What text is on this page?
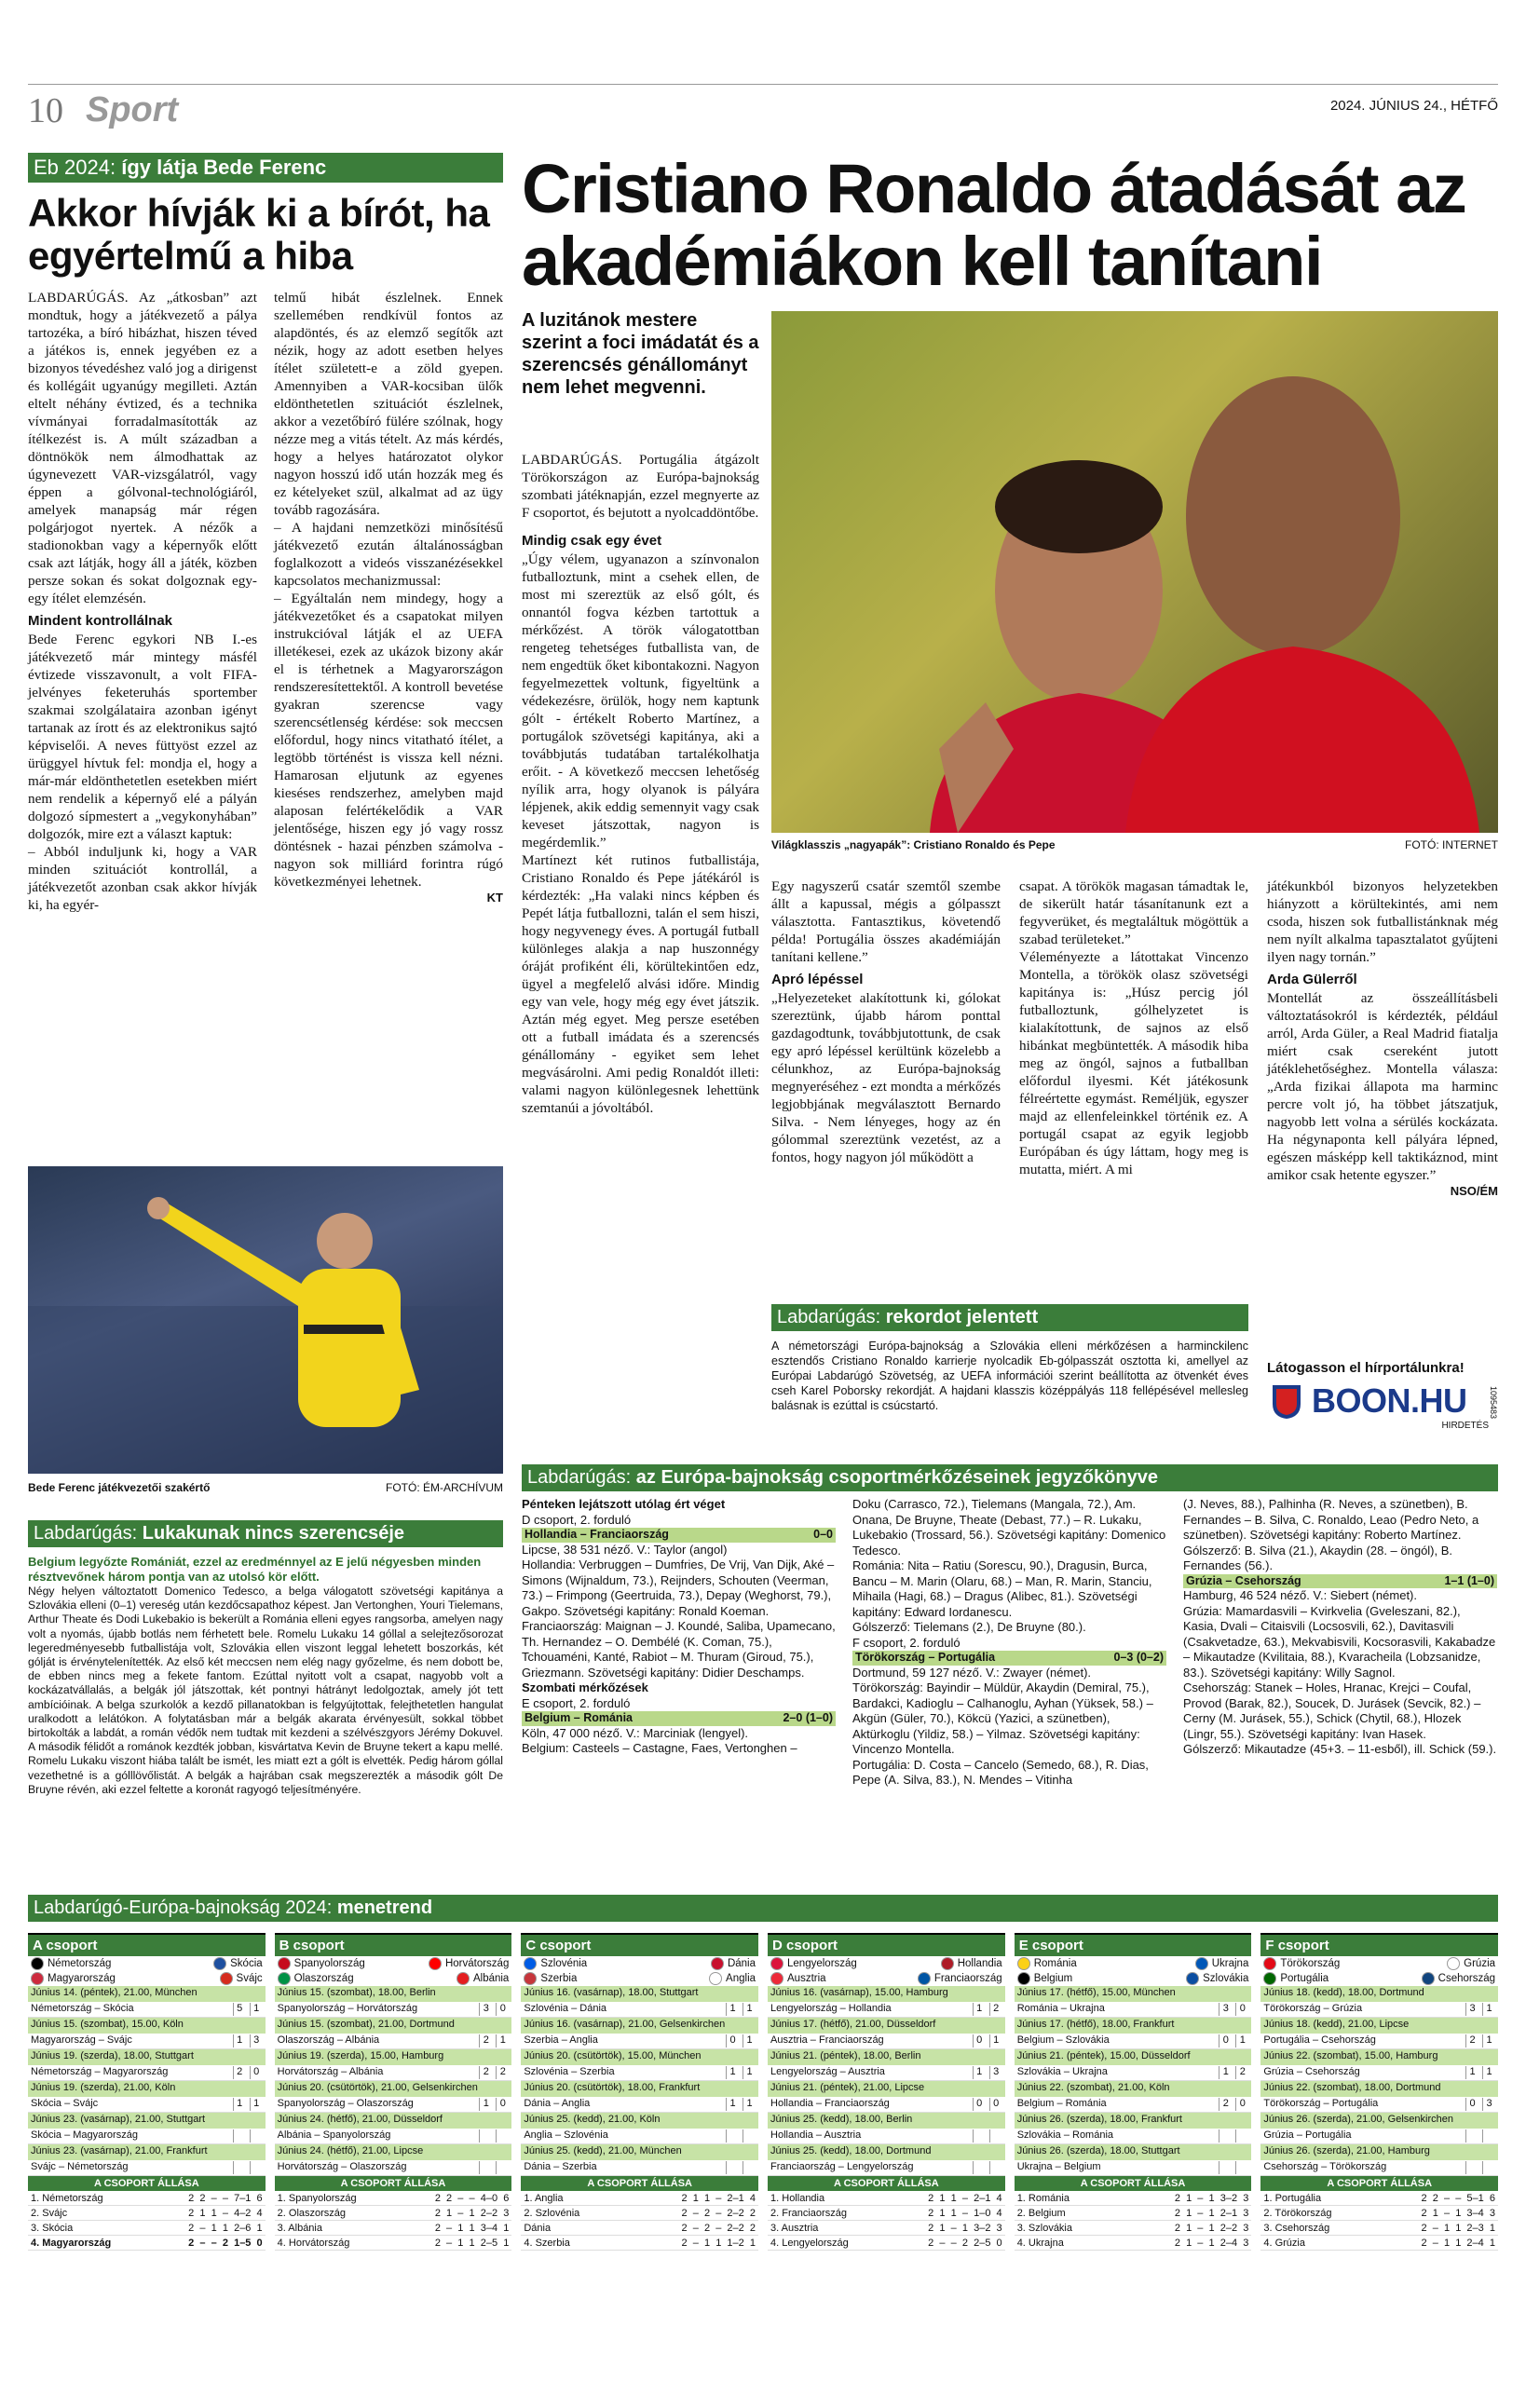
10 Sport	2024. JÚNIUS 24., HÉTFŐ
Eb 2024: így látja Bede Ferenc
Akkor hívják ki a bírót, ha egyértelmű a hiba

LABDARÚGÁS. Az „átkosban” azt mondtuk, hogy a játékvezető a pálya tartozéka, a bíró hibázhat, hiszen téved a játékos is, ennek jegyében ez a bizonyos tévedéshez való jog a dirigenst és kollégáit ugyanúgy megilleti. Aztán eltelt néhány évtized, és a technika vívmányai forradalmasították az ítélkezést is. A múlt században a döntnökök nem álmodhattak az úgynevezett VAR-vizsgálatról, vagy éppen a gólvonal-technológiáról, amelyek manapság már régen polgárjogot nyertek. A nézők a stadionokban vagy a képernyők előtt csak azt látják, hogy áll a játék, közben persze sokan és sokat dolgoznak egy-egy ítélet elemzésén.

Mindent kontrollálnak

Bede Ferenc egykori NB I.-es játékvezető már mintegy másfél évtizede visszavonult, a volt FIFA-jelvényes feketeruhás sportember szakmai szolgálataira azonban igényt tartanak az írott és az elektronikus sajtó képviselői. A neves füttyöst ezzel az ürüggyel hívtuk fel: mondja el, hogy a már-már eldönthetetlen esetekben miért nem rendelik a képernyő elé a pályán dolgozó sípmestert a „vegykonyhában” dolgozók, mire ezt a választ kaptuk:
– Abból induljunk ki, hogy a VAR minden szituációt kontrollál, a játékvezetőt azonban csak akkor hívják ki, ha egyér-

telmű hibát észlelnek. Ennek szellemében rendkívül fontos az alapdöntés, és az elemző segítők azt nézik, hogy az adott esetben helyes ítélet született-e a zöld gyepen. Amennyiben a VAR-kocsiban ülők eldönthetetlen szituációt észlelnek, akkor a vezetőbíró fülére szólnak, hogy nézze meg a vitás tételt. Az más kérdés, hogy a helyes határozatot olykor nagyon hosszú idő után hozzák meg és ez kételyeket szül, alkalmat ad az ügy tovább ragozására.
– A hajdani nemzetközi minősítésű játékvezető ezután általánosságban foglalkozott a videós visszanézésekkel kapcsolatos mechanizmussal:
– Egyáltalán nem mindegy, hogy a játékvezetőket és a csapatokat milyen instrukcióval látják el az UEFA illetékesei, ezek az ukázok bizony akár el is térhetnek a Magyarországon rendszeresítettektől. A kontroll bevetése gyakran szerencse vagy szerencsétlenség kérdése: sok meccsen előfordul, hogy nincs vitatható ítélet, a legtöbb történést is vissza kell nézni. Hamarosan eljutunk az egyenes kieséses rendszerhez, amelyben majd alaposan felértékelődik a VAR jelentősége, hiszen egy jó vagy rossz döntésnek - hazai pénzben számolva - nagyon sok milliárd forintra rúgó következményei lehetnek.

KT
Bede Ferenc játékvezetői szakértő	FOTÓ: ÉM-ARCHÍVUM
Cristiano Ronaldo átadását az akadémiákon kell tanítani
A luzitánok mestere szerint a foci imádatát és a szerencsés génállományt nem lehet megvenni.

LABDARÚGÁS. Portugália átgázolt Törökországon az Európa-bajnokság szombati játéknapján, ezzel megnyerte az F csoportot, és bejutott a nyolcaddöntőbe.

Mindig csak egy évet

„Úgy vélem, ugyanazon a színvonalon futballoztunk, mint a csehek ellen, de most mi szereztük az első gólt, és onnantól fogva kézben tartottuk a mérkőzést. A török válogatottban rengeteg tehetséges futballista van, de nem engedtük őket kibontakozni. Nagyon fegyelmezettek voltunk, figyeltünk a védekezésre, örülök, hogy nem kaptunk gólt - értékelt Roberto Martínez, a portugálok szövetségi kapitánya, aki a továbbjutás tudatában tartalékolhatja erőit. - A következő meccsen lehetőség nyílik arra, hogy olyanok is pályára lépjenek, akik eddig semennyit vagy csak keveset játszottak, nagyon is megérdemlik.”
Martínezt két rutinos futballistája, Cristiano Ronaldo és Pepe játékáról is kérdezték: „Ha valaki nincs képben és Pepét látja futballozni, talán el sem hiszi, hogy negyvenegy éves. A portugál futball különleges alakja a nap huszonnégy óráját profiként éli, körültekintően edz, ügyel a megfelelő alvási időre. Mindig egy van vele, hogy még egy évet játszik. Aztán még egyet. Meg persze esetében ott a futball imádata és a szerencsés génállomány - egyiket sem lehet megvásárolni. Ami pedig Ronaldót illeti: valami nagyon különlegesnek lehettünk szemtanúi a jóvoltából.

Világklasszis „nagyapák”: Cristiano Ronaldo és Pepe	FOTÓ: INTERNET

Egy nagyszerű csatár szemtől szembe állt a kapussal, mégis a gólpasszt választotta. Fantasztikus, követendő példa! Portugália összes akadémiáján tanítani kellene.”

Apró lépéssel

„Helyezeteket alakítottunk ki, gólokat szereztünk, újabb három ponttal gazdagodtunk, továbbjutottunk, de csak egy apró lépéssel kerültünk közelebb a célunkhoz, az Európa-bajnokság megnyeréséhez - ezt mondta a mérkőzés legjobbjának megválasztott Bernardo Silva. - Nem lényeges, hogy az én gólommal szereztünk vezetést, az a fontos, hogy nagyon jól működött a

csapat. A törökök magasan támadtak le, de sikerült határ tásanítanunk ezt a fegyverüket, és megtaláltuk mögöttük a szabad területeket.”
Véleményezte a látottakat Vincenzo Montella, a törökök olasz szövetségi kapitánya is: „Húsz percig jól futballoztunk, gólhelyzetet is kialakítottunk, de sajnos az első hibánkat megbüntették. A második hiba meg az öngól, sajnos a futballban előfordul ilyesmi. Két játékosunk félreértette egymást. Reméljük, egyszer majd az ellenfeleinkkel történik ez. A portugál csapat az egyik legjobb Európában és úgy láttam, hogy meg is mutatta, miért. A mi

játékunkból bizonyos helyzetekben hiányzott a körültekintés, ami nem csoda, hiszen sok futballistánknak még nem nyílt alkalma tapasztalatot gyűjteni ilyen nagy tornán.”

Arda Gülerről

Montellát az összeállításbeli változtatásokról is kérdezték, például arról, Arda Güler, a Real Madrid fiatalja miért csak csereként jutott játéklehetőséghez. Montella válasza: „Arda fizikai állapota ma harminc percre volt jó, ha többet játszatjuk, nagyobb lett volna a sérülés kockázata. Ha négynaponta kell pályára lépned, egészen másképp kell taktikáznod, mint amikor csak hetente egyszer.”

NSO/ÉM
Labdarúgás: rekordot jelentett

A németországi Európa-bajnokság a Szlovákia elleni mérkőzésen a harminckilenc esztendős Cristiano Ronaldo karrierje nyolcadik Eb-gólpasszát osztotta ki, amellyel az Európai Labdarúgó Szövetség, az UEFA információi szerint beállította az ötvenkét éves cseh Karel Poborsky rekordját. A hajdani klasszis középpályás 118 fellépésével mellesleg balásnak is ezúttal is csúcstartó.

Látogasson el hírportálunkra!
BOON.HU
HIRDETÉS
1095483
Labdarúgás: Lukakunak nincs szerencséje

Belgium legyőzte Romániát, ezzel az eredménnyel az E jelű négyesben minden résztvevőnek három pontja van az utolsó kör előtt.

Négy helyen változtatott Domenico Tedesco, a belga válogatott szövetségi kapitánya a Szlovákia elleni (0–1) vereség után kezdőcsapathoz képest. Jan Vertonghen, Youri Tielemans, Arthur Theate és Dodi Lukebakio is bekerült a Románia elleni egyes rangsorba, amelyen nagy volt a nyomás, újabb botlás nem férhetett bele. Romelu Lukaku 14 góllal a selejtezősorozat legeredményesebb futballistája volt, Szlovákia ellen viszont leggal lehetett boszorkás, két gólját is érvénytelenítették. Az első két meccsen nem elég nagy győzelme, és nem dobott be, de ebben nincs meg a fekete fantom. Ezúttal nyitott volt a csapat, nagyobb volt a kockázatvállalás, a belgák jól játszottak, két pontnyi hátrányt ledolgoztak, amely jót tett ambícióinak. A belga szurkolók a kezdő pillanatokban is felgyújtottak, felejthetetlen hangulat uralkodott a lelátókon. A folytatásban már a belgák akarata érvényesült, sokkal többet birtokolták a labdát, a román védők nem tudtak mit kezdeni a szélvészgyors Jérémy Dokuvel. A második félidőt a románok kezdték jobban, kisvártatva Kevin de Bruyne tekert a kapu mellé. Romelu Lukaku viszont hiába talált be ismét, les miatt ezt a gólt is elvették. Pedig három góllal vezethetné is a gólllövőlistát. A belgák a hajrában csak megszerezték a második gólt De Bruyne révén, aki ezzel feltette a koronát ragyogó teljesítményére.

Labdarúgás: az Európa-bajnokság csoportmérkőzéseinek jegyzőkönyve
Pénteken lejátszott utólag ért véget
D csoport, 2. forduló
Hollandia – Franciaország	0–0
Lipcse, 38 531 néző. V.: Taylor (angol)
Hollandia: Verbruggen – Dumfries, De Vrij, Van Dijk, Aké – Simons (Wijnaldum, 73.), Reijnders, Schouten (Veerman, 73.) – Frimpong (Geertruida, 73.), Depay (Weghorst, 79.), Gakpo. Szövetségi kapitány: Ronald Koeman.
Franciaország: Maignan – J. Koundé, Saliba, Upamecano, Th. Hernandez – O. Dembélé (K. Coman, 75.), Tchouaméni, Kanté, Rabiot – M. Thuram (Giroud, 75.), Griezmann. Szövetségi kapitány: Didier Deschamps.
Szombati mérkőzések
E csoport, 2. forduló
Belgium – Románia	2–0 (1–0)
Köln, 47 000 néző. V.: Marciniak (lengyel).
Belgium: Casteels – Castagne, Faes, Vertonghen –
Doku (Carrasco, 72.), Tielemans (Mangala, 72.), Am. Onana, De Bruyne, Theate (Debast, 77.) – R. Lukaku, Lukebakio (Trossard, 56.). Szövetségi kapitány: Domenico Tedesco.
Románia: Nita – Ratiu (Sorescu, 90.), Dragusin, Burca, Bancu – M. Marin (Olaru, 68.) – Man, R. Marin, Stanciu, Mihaila (Hagi, 68.) – Dragus (Alibec, 81.). Szövetségi kapitány: Edward Iordanescu.
Gólszerző: Tielemans (2.), De Bruyne (80.).
F csoport, 2. forduló
Törökország – Portugália	0–3 (0–2)
Dortmund, 59 127 néző. V.: Zwayer (német).
Törökország: Bayindir – Müldür, Akaydin (Demiral, 75.), Bardakci, Kadioglu – Calhanoglu, Ayhan (Yüksek, 58.) – Akgün (Güler, 70.), Kökcü (Yazici, a szünetben), Aktürkoglu (Yildiz, 58.) – Yilmaz. Szövetségi kapitány: Vincenzo Montella.
Portugália: D. Costa – Cancelo (Semedo, 68.), R. Dias, Pepe (A. Silva, 83.), N. Mendes – Vitinha
(J. Neves, 88.), Palhinha (R. Neves, a szünetben), B. Fernandes – B. Silva, C. Ronaldo, Leao (Pedro Neto, a szünetben). Szövetségi kapitány: Roberto Martínez.
Gólszerző: B. Silva (21.), Akaydin (28. – öngól), B. Fernandes (56.).
Grúzia – Csehország	1–1 (1–0)
Hamburg, 46 524 néző. V.: Siebert (német).
Grúzia: Mamardasvili – Kvirkvelia (Gveleszani, 82.), Kasia, Dvali – Citaisvili (Locsosvili, 62.), Davitasvili (Csakvetadze, 63.), Mekvabisvili, Kocsorasvili, Kakabadze – Mikautadze (Kvilitaia, 88.), Kvaracheila (Lobzsanidze, 83.). Szövetségi kapitány: Willy Sagnol.
Csehország: Stanek – Holes, Hranac, Krejci – Coufal, Provod (Barak, 82.), Soucek, D. Jurásek (Sevcik, 82.) – Cerny (M. Jurásek, 55.), Schick (Chytil, 68.), Hlozek (Lingr, 55.). Szövetségi kapitány: Ivan Hasek.
Gólszerző: Mikautadze (45+3. – 11-esből), ill. Schick (59.).
Labdarúgó-Európa-bajnokság 2024: menetrend
A csoport
Németország	Skócia
Magyarország	Svájc
Június 14. (péntek), 21.00, München
Németország – Skócia	5	1
Június 15. (szombat), 15.00, Köln
Magyarország – Svájc	1	3
Június 19. (szerda), 18.00, Stuttgart
Németország – Magyarország	2	0
Június 19. (szerda), 21.00, Köln
Skócia – Svájc	1	1
Június 23. (vasárnap), 21.00, Stuttgart
Skócia – Magyarország
Június 23. (vasárnap), 21.00, Frankfurt
Svájc – Németország
A CSOPORT ÁLLÁSA
1. Németország	2  2  –  –  7–1  6
2. Svájc	2  1  1  –  4–2  4
3. Skócia	2  –  1  1  2–6  1
4. Magyarország	2  –  –  2  1–5  0
B csoport
Spanyolország	Horvátország
Olaszország	Albánia
Június 15. (szombat), 18.00, Berlin
Spanyolország – Horvátország	3	0
Június 15. (szombat), 21.00, Dortmund
Olaszország – Albánia	2	1
Június 19. (szerda), 15.00, Hamburg
Horvátország – Albánia	2	2
Június 20. (csütörtök), 21.00, Gelsenkirchen
Spanyolország – Olaszország	1	0
Június 24. (hétfő), 21.00, Düsseldorf
Albánia – Spanyolország
Június 24. (hétfő), 21.00, Lipcse
Horvátország – Olaszország
A CSOPORT ÁLLÁSA
1. Spanyolország	2  2  –  –  4–0  6
2. Olaszország	2  1  –  1  2–2  3
3. Albánia	2  –  1  1  3–4  1
4. Horvátország	2  –  1  1  2–5  1
C csoport
Szlovénia	Dánia
Szerbia	Anglia
Június 16. (vasárnap), 18.00, Stuttgart
Szlovénia – Dánia	1	1
Június 16. (vasárnap), 21.00, Gelsenkirchen
Szerbia – Anglia	0	1
Június 20. (csütörtök), 15.00, München
Szlovénia – Szerbia	1	1
Június 20. (csütörtök), 18.00, Frankfurt
Dánia – Anglia	1	1
Június 25. (kedd), 21.00, Köln
Anglia – Szlovénia
Június 25. (kedd), 21.00, München
Dánia – Szerbia
A CSOPORT ÁLLÁSA
1. Anglia	2  1  1  –  2–1  4
2. Szlovénia	2  –  2  –  2–2  2
Dánia	2  –  2  –  2–2  2
4. Szerbia	2  –  1  1  1–2  1
D csoport
Lengyelország	Hollandia
Ausztria	Franciaország
Június 16. (vasárnap), 15.00, Hamburg
Lengyelország – Hollandia	1	2
Június 17. (hétfő), 21.00, Düsseldorf
Ausztria – Franciaország	0	1
Június 21. (péntek), 18.00, Berlin
Lengyelország – Ausztria	1	3
Június 21. (péntek), 21.00, Lipcse
Hollandia – Franciaország	0	0
Június 25. (kedd), 18.00, Berlin
Hollandia – Ausztria
Június 25. (kedd), 18.00, Dortmund
Franciaország – Lengyelország
A CSOPORT ÁLLÁSA
1. Hollandia	2  1  1  –  2–1  4
2. Franciaország	2  1  1  –  1–0  4
3. Ausztria	2  1  –  1  3–2  3
4. Lengyelország	2  –  –  2  2–5  0
E csoport
Románia	Ukrajna
Belgium	Szlovákia
Június 17. (hétfő), 15.00, München
Románia – Ukrajna	3	0
Június 17. (hétfő), 18.00, Frankfurt
Belgium – Szlovákia	0	1
Június 21. (péntek), 15.00, Düsseldorf
Szlovákia – Ukrajna	1	2
Június 22. (szombat), 21.00, Köln
Belgium – Románia	2	0
Június 26. (szerda), 18.00, Frankfurt
Szlovákia – Románia
Június 26. (szerda), 18.00, Stuttgart
Ukrajna – Belgium
A CSOPORT ÁLLÁSA
1. Románia	2  1  –  1  3–2  3
2. Belgium	2  1  –  1  2–1  3
3. Szlovákia	2  1  –  1  2–2  3
4. Ukrajna	2  1  –  1  2–4  3
F csoport
Törökország	Grúzia
Portugália	Csehország
Június 18. (kedd), 18.00, Dortmund
Törökország – Grúzia	3	1
Június 18. (kedd), 21.00, Lipcse
Portugália – Csehország	2	1
Június 22. (szombat), 15.00, Hamburg
Grúzia – Csehország	1	1
Június 22. (szombat), 18.00, Dortmund
Törökország – Portugália	0	3
Június 26. (szerda), 21.00, Gelsenkirchen
Grúzia – Portugália
Június 26. (szerda), 21.00, Hamburg
Csehország – Törökország
A CSOPORT ÁLLÁSA
1. Portugália	2  2  –  –  5–1  6
2. Törökország	2  1  –  1  3–4  3
3. Csehország	2  –  1  1  2–3  1
4. Grúzia	2  –  1  1  2–4  1
